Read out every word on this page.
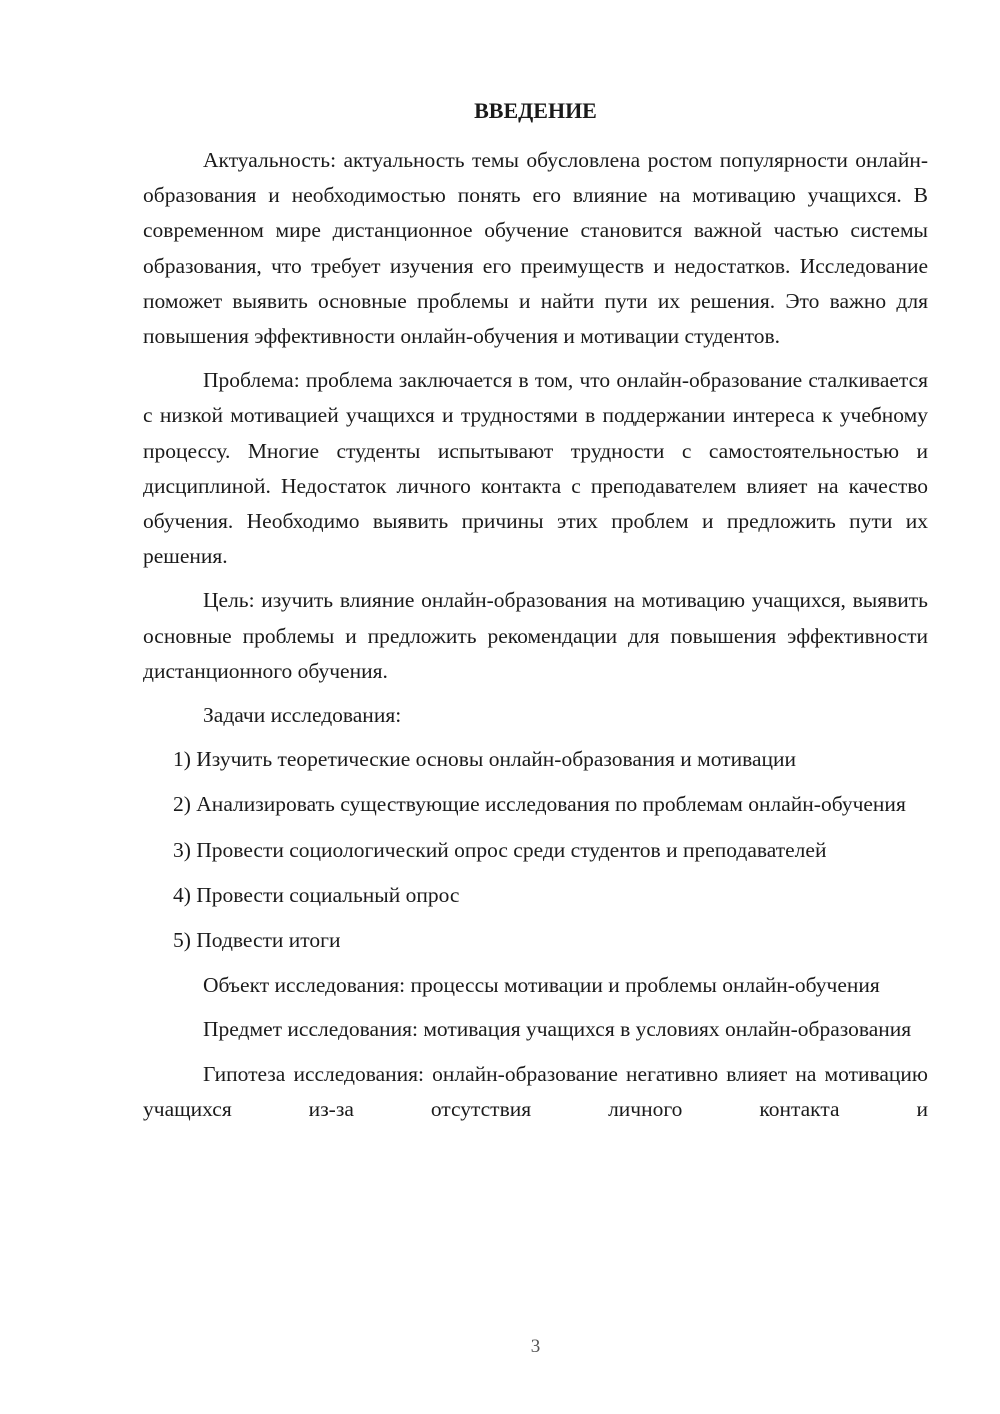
ВВЕДЕНИЕ

Актуальность: актуальность темы обусловлена ростом популярности онлайн-образования и необходимостью понять его влияние на мотивацию учащихся. В современном мире дистанционное обучение становится важной частью системы образования, что требует изучения его преимуществ и недостатков. Исследование поможет выявить основные проблемы и найти пути их решения. Это важно для повышения эффективности онлайн-обучения и мотивации студентов.

Проблема: проблема заключается в том, что онлайн-образование сталкивается с низкой мотивацией учащихся и трудностями в поддержании интереса к учебному процессу. Многие студенты испытывают трудности с самостоятельностью и дисциплиной. Недостаток личного контакта с преподавателем влияет на качество обучения. Необходимо выявить причины этих проблем и предложить пути их решения.

Цель: изучить влияние онлайн-образования на мотивацию учащихся, выявить основные проблемы и предложить рекомендации для повышения эффективности дистанционного обучения.

Задачи исследования:

1) Изучить теоретические основы онлайн-образования и мотивации

2) Анализировать существующие исследования по проблемам онлайн-обучения

3) Провести социологический опрос среди студентов и преподавателей

4) Провести социальный опрос

5) Подвести итоги

Объект исследования: процессы мотивации и проблемы онлайн-обучения

Предмет исследования: мотивация учащихся в условиях онлайн-образования

Гипотеза исследования: онлайн-образование негативно влияет на мотивацию учащихся из-за отсутствия личного контакта и

3
